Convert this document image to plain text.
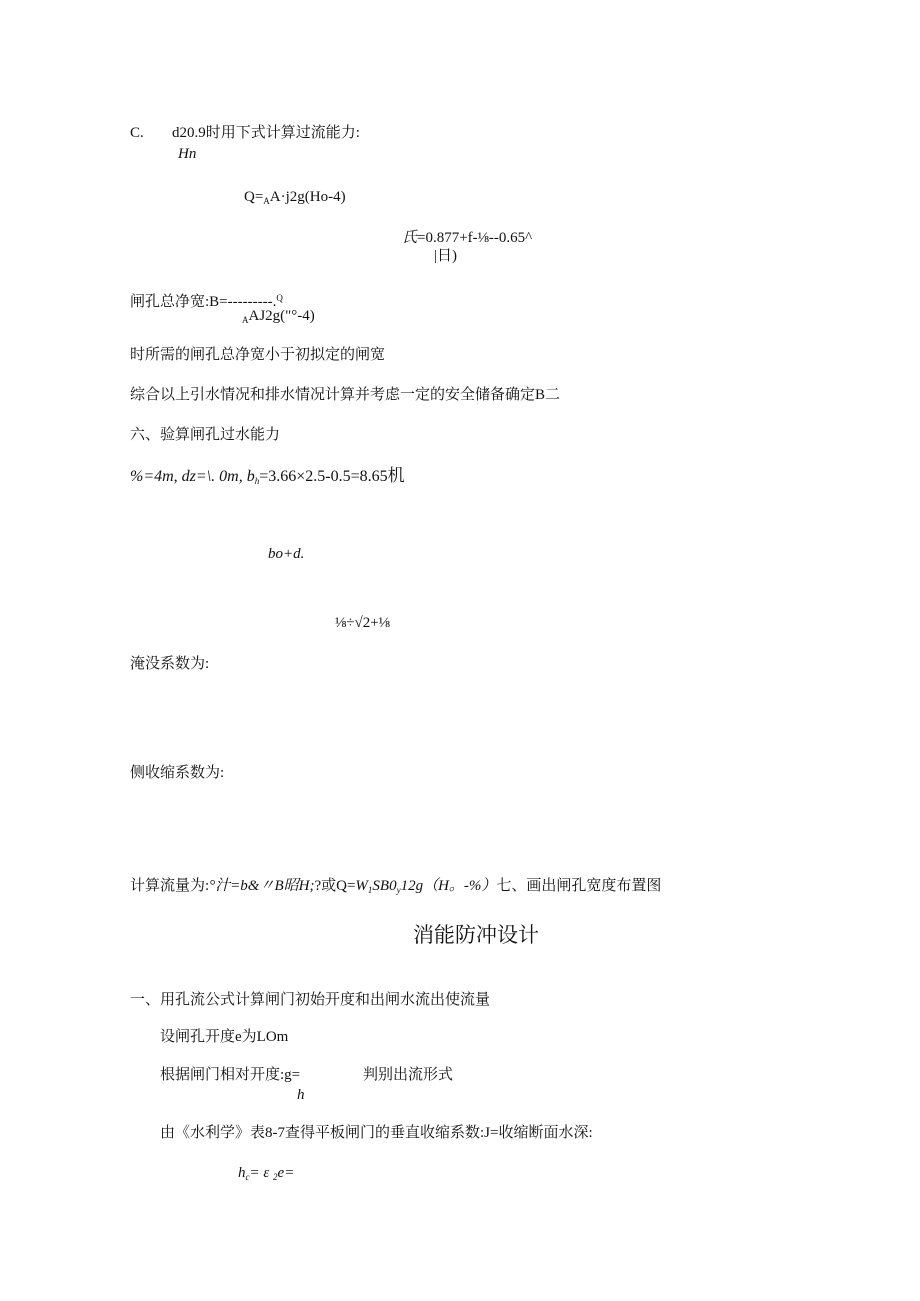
C. d20.9时用下式计算过流能力:
Hn
$Q=_AA\cdot j2g(Ho-4)$
氏=0.877+f-⅛--0.65^
|日)
闸孔总净宽:B=---------.$^Q$
$_A$AJ2g("°-4)
时所需的闸孔总净宽小于初拟定的闸宽
综合以上引水情况和排水情况计算并考虑一定的安全储备确定B二
六、验算闸孔过水能力
%=4m, dz=\. 0m, $b_h=3.66\times 2.5-0.5=8.65$机
bo+d.
⅛÷√2+⅛
淹没系数为:
侧收缩系数为:
计算流量为:°汁=b&〃B昭H;?或$Q=W_1SB0_y12g(H$。-%）七、画出闸孔宽度布置图
消能防冲设计
一、用孔流公式计算闸门初始开度和出闸水流出使流量
设闸孔开度e为LOm
根据闸门相对开度:g=	判别出流形式
h
由《水利学》表8-7查得平板闸门的垂直收缩系数:J=收缩断面水深:
$h_c= \varepsilon$ $_2$e=
